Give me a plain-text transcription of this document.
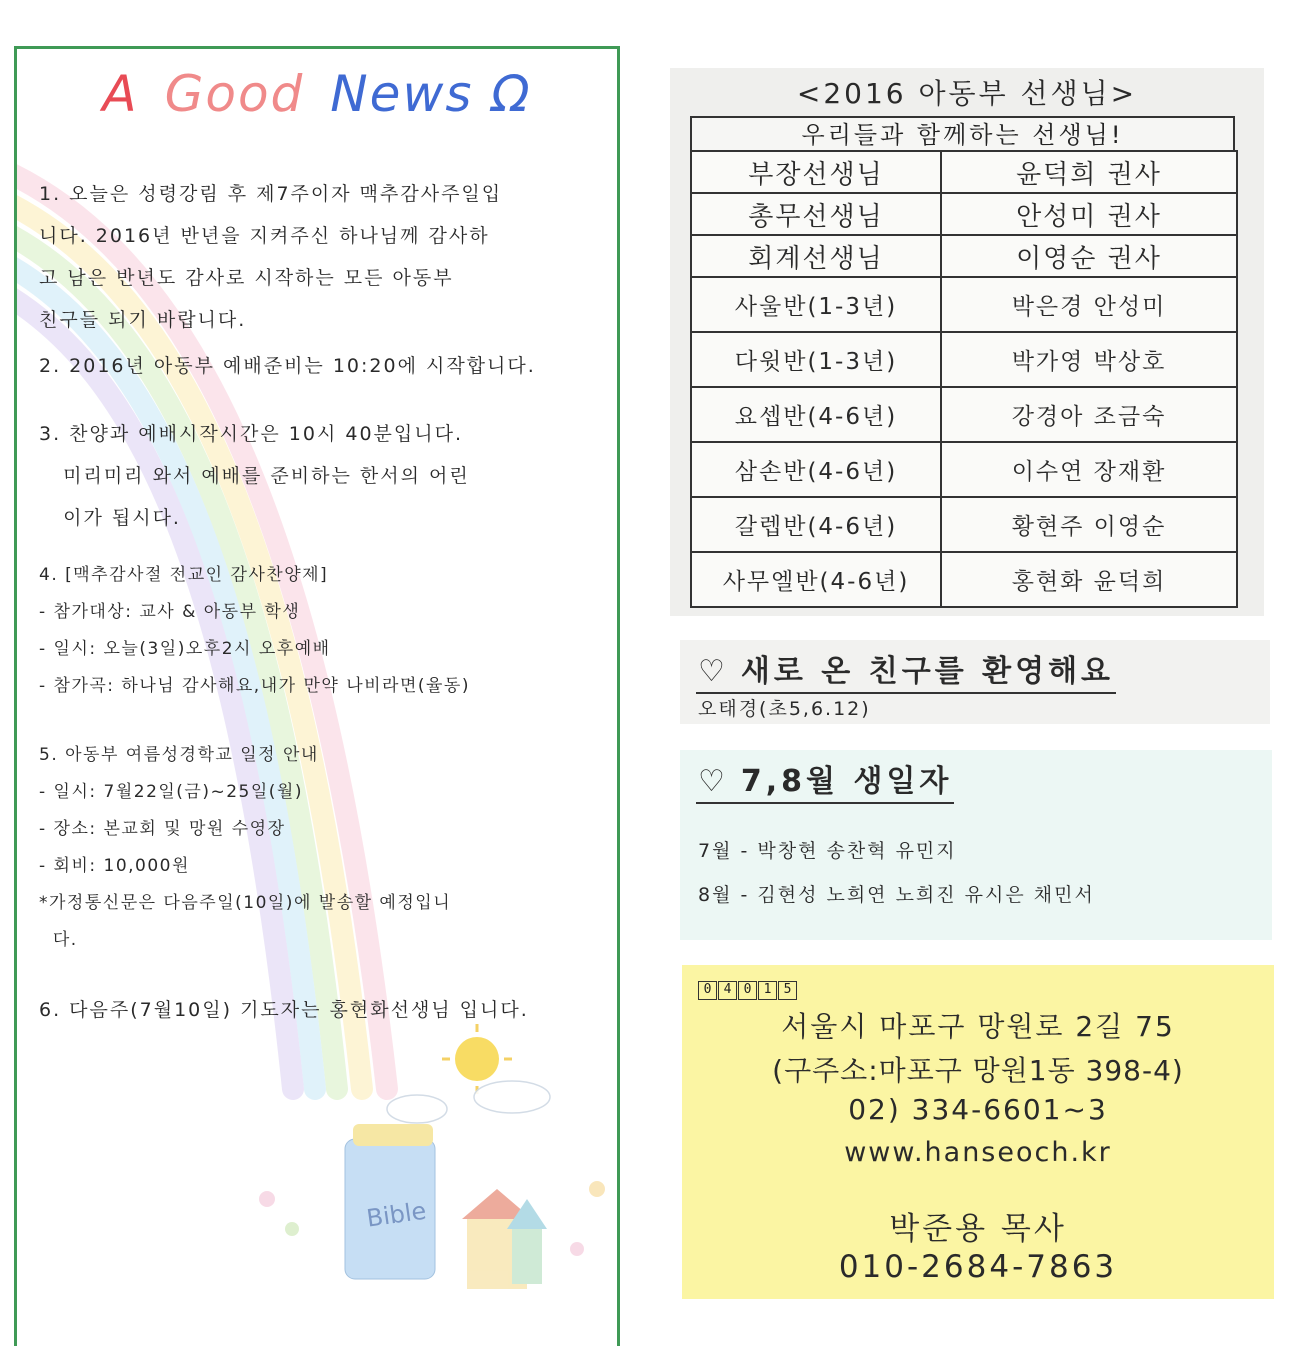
Bible
A Good News Ω
1. 오늘은 성령강림 후 제7주이자 맥추감사주일입
니다. 2016년 반년을 지켜주신 하나님께 감사하
고 남은 반년도 감사로 시작하는 모든 아동부
친구들 되기 바랍니다.
2. 2016년 아동부 예배준비는 10:20에 시작합니다.
3. 찬양과 예배시작시간은 10시 40분입니다.
미리미리 와서 예배를 준비하는 한서의 어린
이가 됩시다.
4. [맥추감사절 전교인 감사찬양제]
- 참가대상: 교사 & 아동부 학생
- 일시: 오늘(3일)오후2시 오후예배
- 참가곡: 하나님 감사해요,내가 만약 나비라면(율동)
5. 아동부 여름성경학교 일정 안내
- 일시: 7월22일(금)~25일(월)
- 장소: 본교회 및 망원 수영장
- 회비: 10,000원
*가정통신문은 다음주일(10일)에 발송할 예정입니
다.
6. 다음주(7월10일) 기도자는 홍현화선생님 입니다.
<2016 아동부 선생님>
우리들과 함께하는 선생님!
부장선생님	윤덕희 권사
총무선생님	안성미 권사
회계선생님	이영순 권사
사울반(1-3년)	박은경 안성미
다윗반(1-3년)	박가영 박상호
요셉반(4-6년)	강경아 조금숙
삼손반(4-6년)	이수연 장재환
갈렙반(4-6년)	황현주 이영순
사무엘반(4-6년)	홍현화 윤덕희
♡ 새로 온 친구를 환영해요
오태경(초5,6.12)
♡ 7,8월 생일자
7월 - 박창현 송찬혁 유민지
8월 - 김현성 노희연 노희진 유시은 채민서
0 4 0 1 5
서울시 마포구 망원로 2길 75
(구주소:마포구 망원1동 398-4)
02) 334-6601~3
www.hanseoch.kr
박준용 목사
010-2684-7863
